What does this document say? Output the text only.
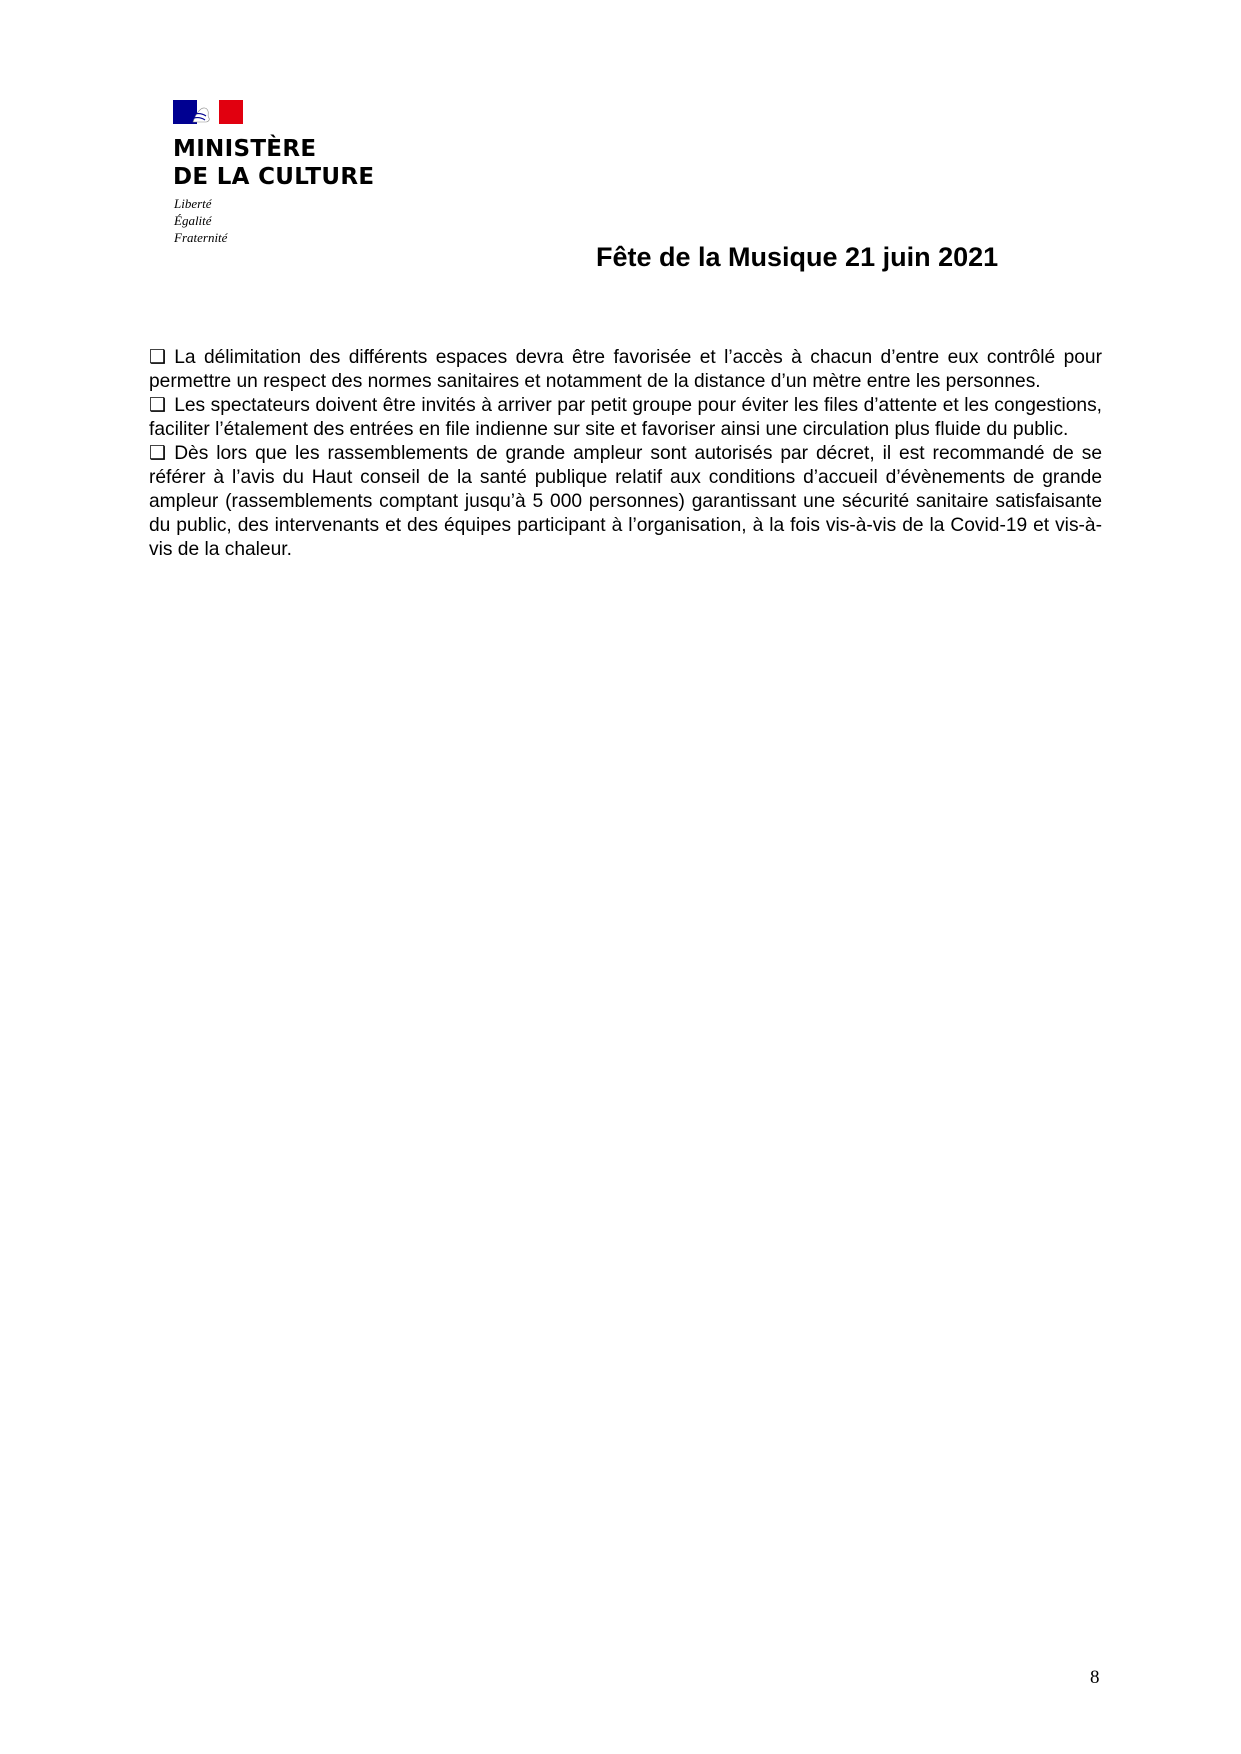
MINISTÈRE
DE LA CULTURE
Liberté
Égalité
Fraternité
Fête de la Musique 21 juin 2021

❑ La délimitation des différents espaces devra être favorisée et l’accès à chacun d’entre eux contrôlé pour permettre un respect des normes sanitaires et notamment de la distance d’un mètre entre les personnes.

❑ Les spectateurs doivent être invités à arriver par petit groupe pour éviter les files d’attente et les congestions, faciliter l’étalement des entrées en file indienne sur site et favoriser ainsi une circulation plus fluide du public.

❑ Dès lors que les rassemblements de grande ampleur sont autorisés par décret, il est recommandé de se référer à l’avis du Haut conseil de la santé publique relatif aux conditions d’accueil d’évènements de grande ampleur (rassemblements comptant jusqu’à 5 000 personnes) garantissant une sécurité sanitaire satisfaisante du public, des intervenants et des équipes participant à l’organisation, à la fois vis-à-vis de la Covid-19 et vis-à-vis de la chaleur.

8
